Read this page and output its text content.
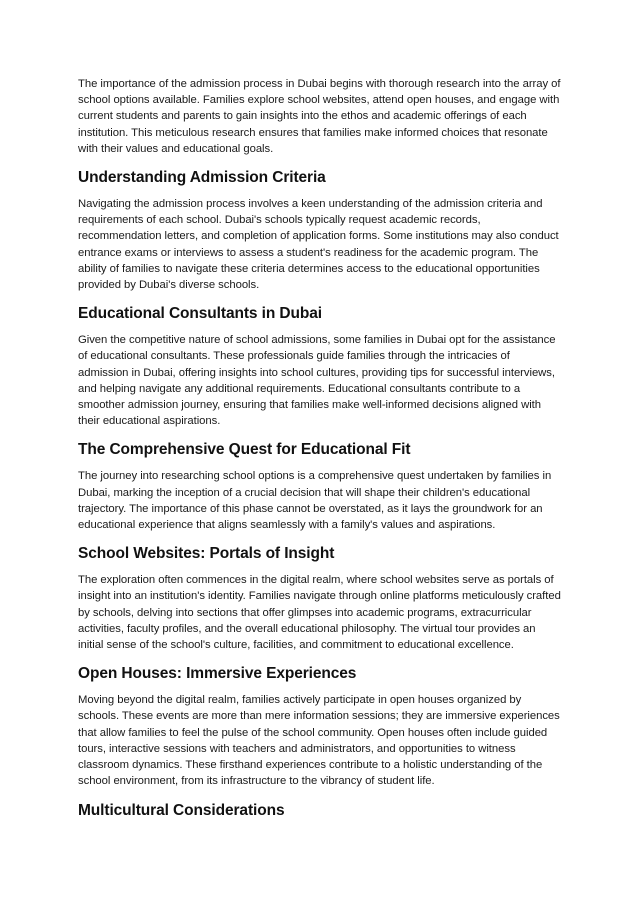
The importance of the admission process in Dubai begins with thorough research into the array of school options available. Families explore school websites, attend open houses, and engage with current students and parents to gain insights into the ethos and academic offerings of each institution. This meticulous research ensures that families make informed choices that resonate with their values and educational goals.

Understanding Admission Criteria

Navigating the admission process involves a keen understanding of the admission criteria and requirements of each school. Dubai's schools typically request academic records, recommendation letters, and completion of application forms. Some institutions may also conduct entrance exams or interviews to assess a student's readiness for the academic program. The ability of families to navigate these criteria determines access to the educational opportunities provided by Dubai's diverse schools.

Educational Consultants in Dubai

Given the competitive nature of school admissions, some families in Dubai opt for the assistance of educational consultants. These professionals guide families through the intricacies of admission in Dubai, offering insights into school cultures, providing tips for successful interviews, and helping navigate any additional requirements. Educational consultants contribute to a smoother admission journey, ensuring that families make well-informed decisions aligned with their educational aspirations.

The Comprehensive Quest for Educational Fit

The journey into researching school options is a comprehensive quest undertaken by families in Dubai, marking the inception of a crucial decision that will shape their children's educational trajectory. The importance of this phase cannot be overstated, as it lays the groundwork for an educational experience that aligns seamlessly with a family's values and aspirations.

School Websites: Portals of Insight

The exploration often commences in the digital realm, where school websites serve as portals of insight into an institution's identity. Families navigate through online platforms meticulously crafted by schools, delving into sections that offer glimpses into academic programs, extracurricular activities, faculty profiles, and the overall educational philosophy. The virtual tour provides an initial sense of the school's culture, facilities, and commitment to educational excellence.

Open Houses: Immersive Experiences

Moving beyond the digital realm, families actively participate in open houses organized by schools. These events are more than mere information sessions; they are immersive experiences that allow families to feel the pulse of the school community. Open houses often include guided tours, interactive sessions with teachers and administrators, and opportunities to witness classroom dynamics. These firsthand experiences contribute to a holistic understanding of the school environment, from its infrastructure to the vibrancy of student life.

Multicultural Considerations
